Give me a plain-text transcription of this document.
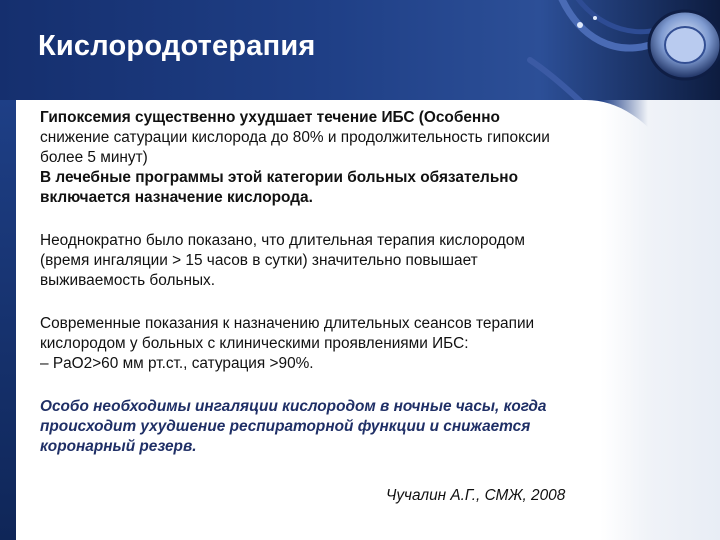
Кислородотерапия

Гипоксемия существенно ухудшает течение ИБС (Особенно

снижение сатурации кислорода до 80% и продолжительность гипоксии

более 5 минут)

В лечебные программы этой категории больных обязательно

включается назначение кислорода.

Неоднократно было показано, что длительная терапия кислородом

(время ингаляции > 15 часов в сутки) значительно повышает

выживаемость больных.

Современные показания к назначению длительных сеансов терапии

кислородом у больных с клиническими проявлениями ИБС:

– PaO2>60 мм рт.ст., сатурация >90%.

Особо необходимы ингаляции кислородом в ночные часы, когда

происходит ухудшение респираторной функции и снижается

коронарный резерв.

Чучалин А.Г., СМЖ, 2008
